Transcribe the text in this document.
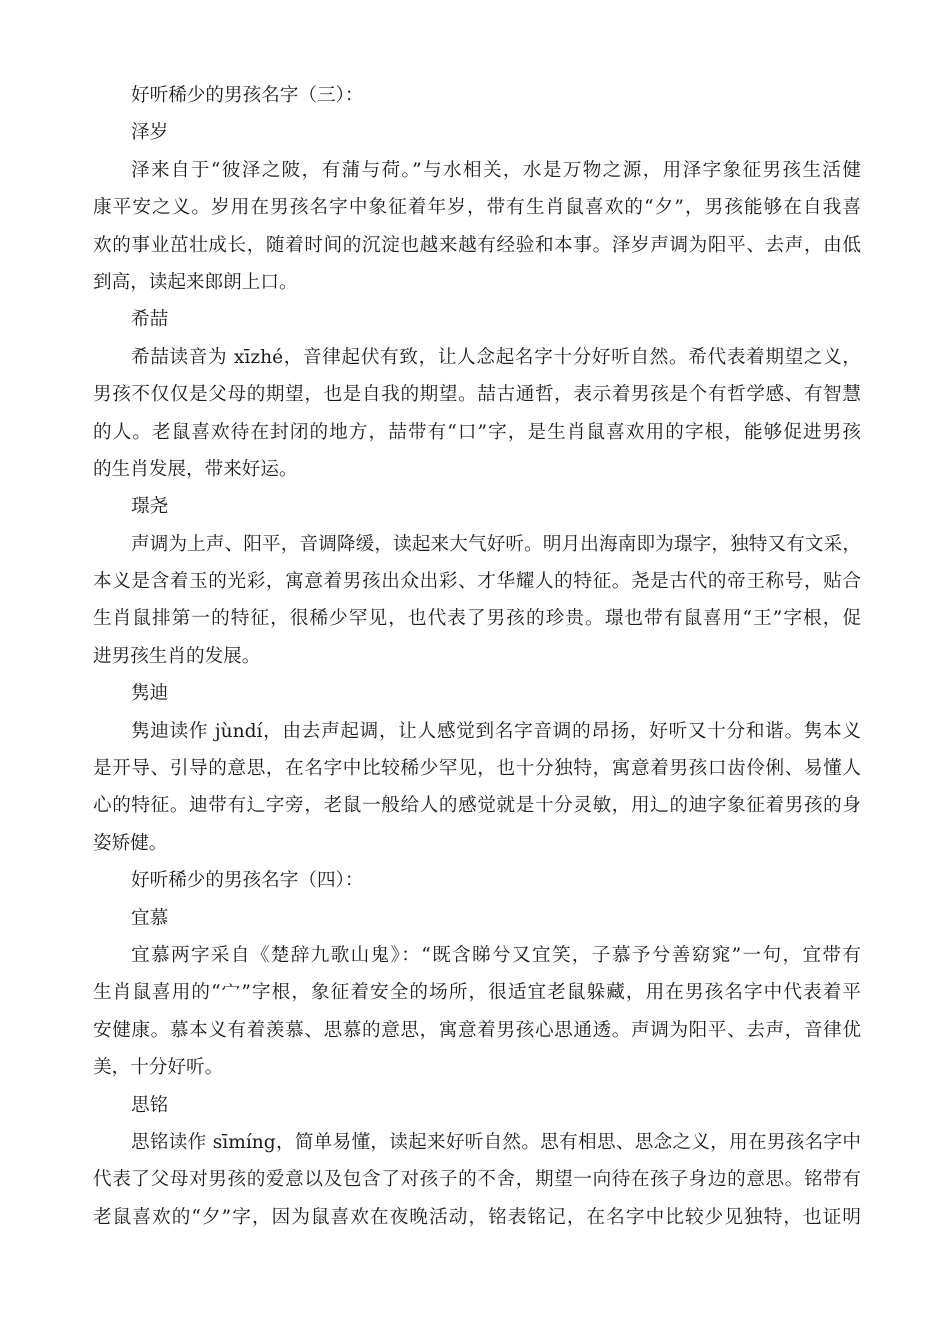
好听稀少的男孩名字（三）：
泽岁
泽来自于“彼泽之陂，有蒲与荷。”与水相关，水是万物之源，用泽字象征男孩生活健
康平安之义。岁用在男孩名字中象征着年岁，带有生肖鼠喜欢的“夕”，男孩能够在自我喜
欢的事业茁壮成长，随着时间的沉淀也越来越有经验和本事。泽岁声调为阳平、去声，由低
到高，读起来郎朗上口。
希喆
希喆读音为 xīzhé，音律起伏有致，让人念起名字十分好听自然。希代表着期望之义，
男孩不仅仅是父母的期望，也是自我的期望。喆古通哲，表示着男孩是个有哲学感、有智慧
的人。老鼠喜欢待在封闭的地方，喆带有“口”字，是生肖鼠喜欢用的字根，能够促进男孩
的生肖发展，带来好运。
璟尧
声调为上声、阳平，音调降缓，读起来大气好听。明月出海南即为璟字，独特又有文采，
本义是含着玉的光彩，寓意着男孩出众出彩、才华耀人的特征。尧是古代的帝王称号，贴合
生肖鼠排第一的特征，很稀少罕见，也代表了男孩的珍贵。璟也带有鼠喜用“王”字根，促
进男孩生肖的发展。
隽迪
隽迪读作 jùndí，由去声起调，让人感觉到名字音调的昂扬，好听又十分和谐。隽本义
是开导、引导的意思，在名字中比较稀少罕见，也十分独特，寓意着男孩口齿伶俐、易懂人
心的特征。迪带有辶字旁，老鼠一般给人的感觉就是十分灵敏，用辶的迪字象征着男孩的身
姿矫健。
好听稀少的男孩名字（四）：
宜慕
宜慕两字采自《楚辞九歌山鬼》：“既含睇兮又宜笑，子慕予兮善窈窕”一句，宜带有
生肖鼠喜用的“宀”字根，象征着安全的场所，很适宜老鼠躲藏，用在男孩名字中代表着平
安健康。慕本义有着羡慕、思慕的意思，寓意着男孩心思通透。声调为阳平、去声，音律优
美，十分好听。
思铭
思铭读作 sīmíng，简单易懂，读起来好听自然。思有相思、思念之义，用在男孩名字中
代表了父母对男孩的爱意以及包含了对孩子的不舍，期望一向待在孩子身边的意思。铭带有
老鼠喜欢的“夕”字，因为鼠喜欢在夜晚活动，铭表铭记，在名字中比较少见独特，也证明
